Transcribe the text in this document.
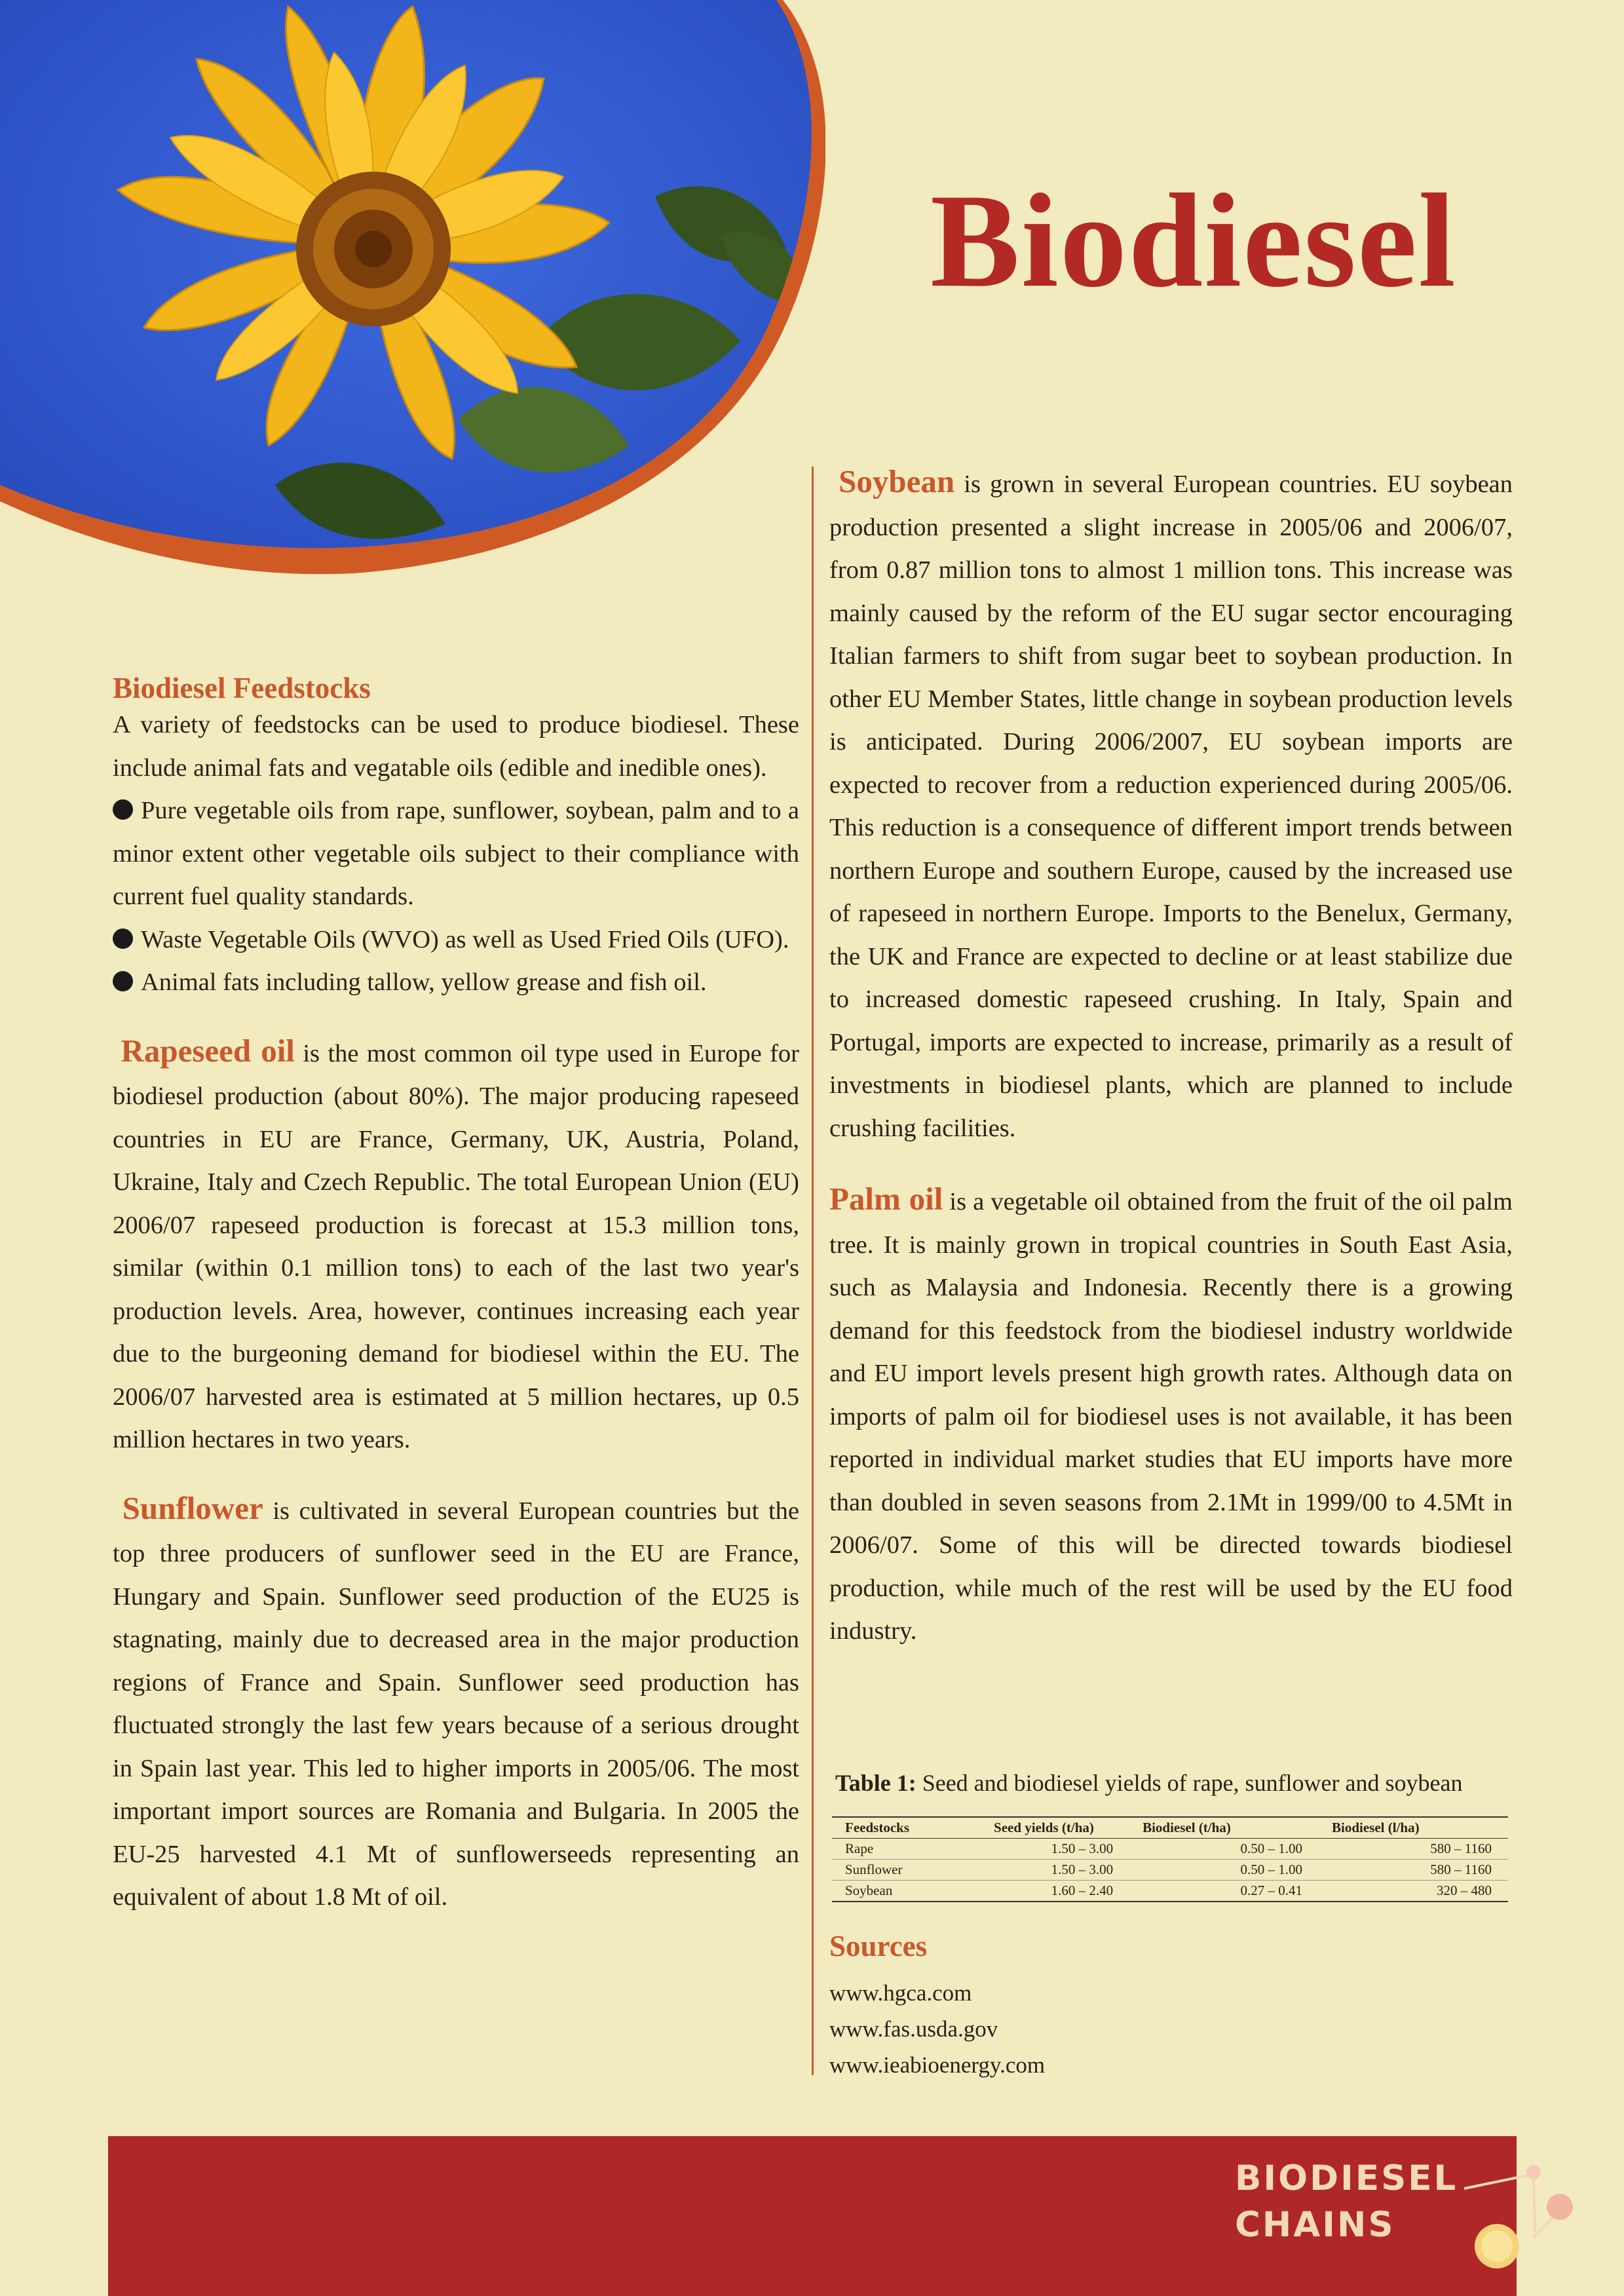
Biodiesel
Biodiesel Feedstocks

A variety of feedstocks can be used to produce biodiesel. These include animal fats and vegatable oils (edible and inedible ones).

Pure vegetable oils from rape, sunflower, soybean, palm and to a minor extent other vegetable oils subject to their compliance with current fuel quality standards.

Waste Vegetable Oils (WVO) as well as Used Fried Oils (UFO).

Animal fats including tallow, yellow grease and fish oil.

Rapeseed oil is the most common oil type used in Europe for biodiesel production (about 80%). The major producing rapeseed countries in EU are France, Germany, UK, Austria, Poland, Ukraine, Italy and Czech Republic. The total European Union (EU) 2006/07 rapeseed production is forecast at 15.3 million tons, similar (within 0.1 million tons) to each of the last two year's production levels. Area, however, continues increasing each year due to the burgeoning demand for biodiesel within the EU. The 2006/07 harvested area is estimated at 5 million hectares, up 0.5 million hectares in two years.

Sunflower is cultivated in several European countries but the top three producers of sunflower seed in the EU are France, Hungary and Spain. Sunflower seed production of the EU25 is stagnating, mainly due to decreased area in the major production regions of France and Spain. Sunflower seed production has fluctuated strongly the last few years because of a serious drought in Spain last year. This led to higher imports in 2005/06. The most important import sources are Romania and Bulgaria. In 2005 the EU-25 harvested 4.1 Mt of sunflowerseeds representing an equivalent of about 1.8 Mt of oil.

Soybean is grown in several European countries. EU soybean production presented a slight increase in 2005/06 and 2006/07, from 0.87 million tons to almost 1 million tons. This increase was mainly caused by the reform of the EU sugar sector encouraging Italian farmers to shift from sugar beet to soybean production. In other EU Member States, little change in soybean production levels is anticipated. During 2006/2007, EU soybean imports are expected to recover from a reduction experienced during 2005/06. This reduction is a consequence of different import trends between northern Europe and southern Europe, caused by the increased use of rapeseed in northern Europe. Imports to the Benelux, Germany, the UK and France are expected to decline or at least stabilize due to increased domestic rapeseed crushing. In Italy, Spain and Portugal, imports are expected to increase, primarily as a result of investments in biodiesel plants, which are planned to include crushing facilities.

Palm oil is a vegetable oil obtained from the fruit of the oil palm tree. It is mainly grown in tropical countries in South East Asia, such as Malaysia and Indonesia. Recently there is a growing demand for this feedstock from the biodiesel industry worldwide and EU import levels present high growth rates. Although data on imports of palm oil for biodiesel uses is not available, it has been reported in individual market studies that EU imports have more than doubled in seven seasons from 2.1Mt in 1999/00 to 4.5Mt in 2006/07. Some of this will be directed towards biodiesel production, while much of the rest will be used by the EU food industry.

Table 1: Seed and biodiesel yields of rape, sunflower and soybean
Feedstocks	Seed yields (t/ha)	Biodiesel (t/ha)	Biodiesel (l/ha)
Rape	1.50 – 3.00	0.50 – 1.00	580 – 1160
Sunflower	1.50 – 3.00	0.50 – 1.00	580 – 1160
Soybean	1.60 – 2.40	0.27 – 0.41	320 – 480
Sources
www.hgca.com
www.fas.usda.gov
www.ieabioenergy.com
BIODIESEL
CHAINS
